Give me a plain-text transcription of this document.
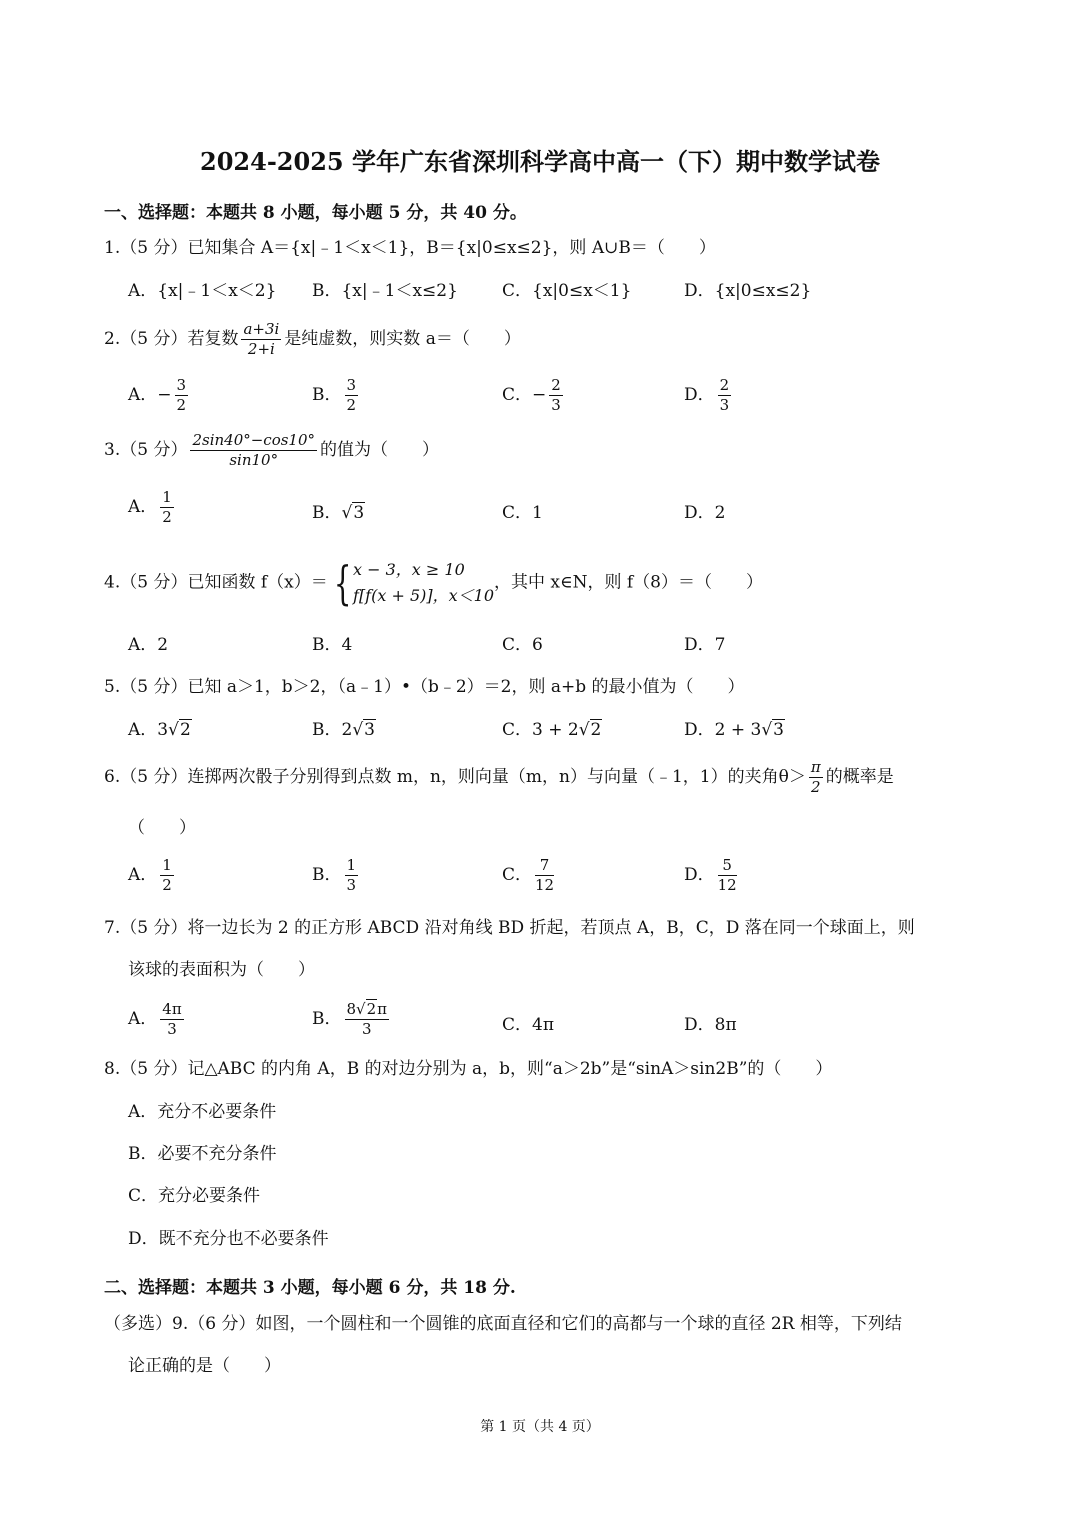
2024-2025 学年广东省深圳科学高中高一（下）期中数学试卷
一、选择题：本题共 8 小题，每小题 5 分，共 40 分。
1.（5 分）已知集合 A＝{x|﹣1＜x＜1}，B＝{x|0≤x≤2}，则 A∪B＝（　　）
A．{x|﹣1＜x＜2} B．{x|﹣1＜x≤2}	C．{x|0≤x＜1}	D．{x|0≤x≤2}
2.（5 分）若复数 $\frac{a+3i}{2+i}$ 是纯虚数，则实数 a＝（　　）
A．− $\frac{3}{2}$	B． $\frac{3}{2}$	C．− $\frac{2}{3}$	D． $\frac{2}{3}$
3.（5 分） $\frac{2\sin 40^\circ-\cos 10^\circ}{\sin 10^\circ}$ 的值为（　　）
A． $\frac{1}{2}$	B．√3	C．1	D．2
4.（5 分）已知函数 f（x）＝ { x − 3，x ≥ 10
f[f(x + 5)]，x＜10
，其中 x∈N，则 f（8）＝（　　）
A．2	B．4	C．6	D．7
5.（5 分）已知 a＞1，b＞2，（a﹣1）•（b﹣2）＝2，则 a+b 的最小值为（　　）
A．3√2	B．2√3	C．3 + 2√2	D．2 + 3√3
6.（5 分）连掷两次骰子分别得到点数 m，n，则向量（m，n）与向量（﹣1，1）的夹角$\theta> \frac{\pi}{2}$ 的概率是
（　　）
A． $\frac{1}{2}$	B． $\frac{1}{3}$	C． $\frac{7}{12}$	D． $\frac{5}{12}$
7.（5 分）将一边长为 2 的正方形 ABCD 沿对角线 BD 折起，若顶点 A，B，C，D 落在同一个球面上，则
该球的表面积为（　　）
A． $\frac{4\pi}{3}$	B． $\frac{8√2\pi}{3}$	C．4π	D．8π
8.（5 分）记△ABC 的内角 A，B 的对边分别为 a，b，则“a＞2b”是“sinA＞sin2B”的（　　）
A．充分不必要条件
B．必要不充分条件
C．充分必要条件
D．既不充分也不必要条件
二、选择题：本题共 3 小题，每小题 6 分，共 18 分.
（多选）9.（6 分）如图，一个圆柱和一个圆锥的底面直径和它们的高都与一个球的直径 2R 相等，下列结
论正确的是（　　）
第 1 页（共 4 页）
